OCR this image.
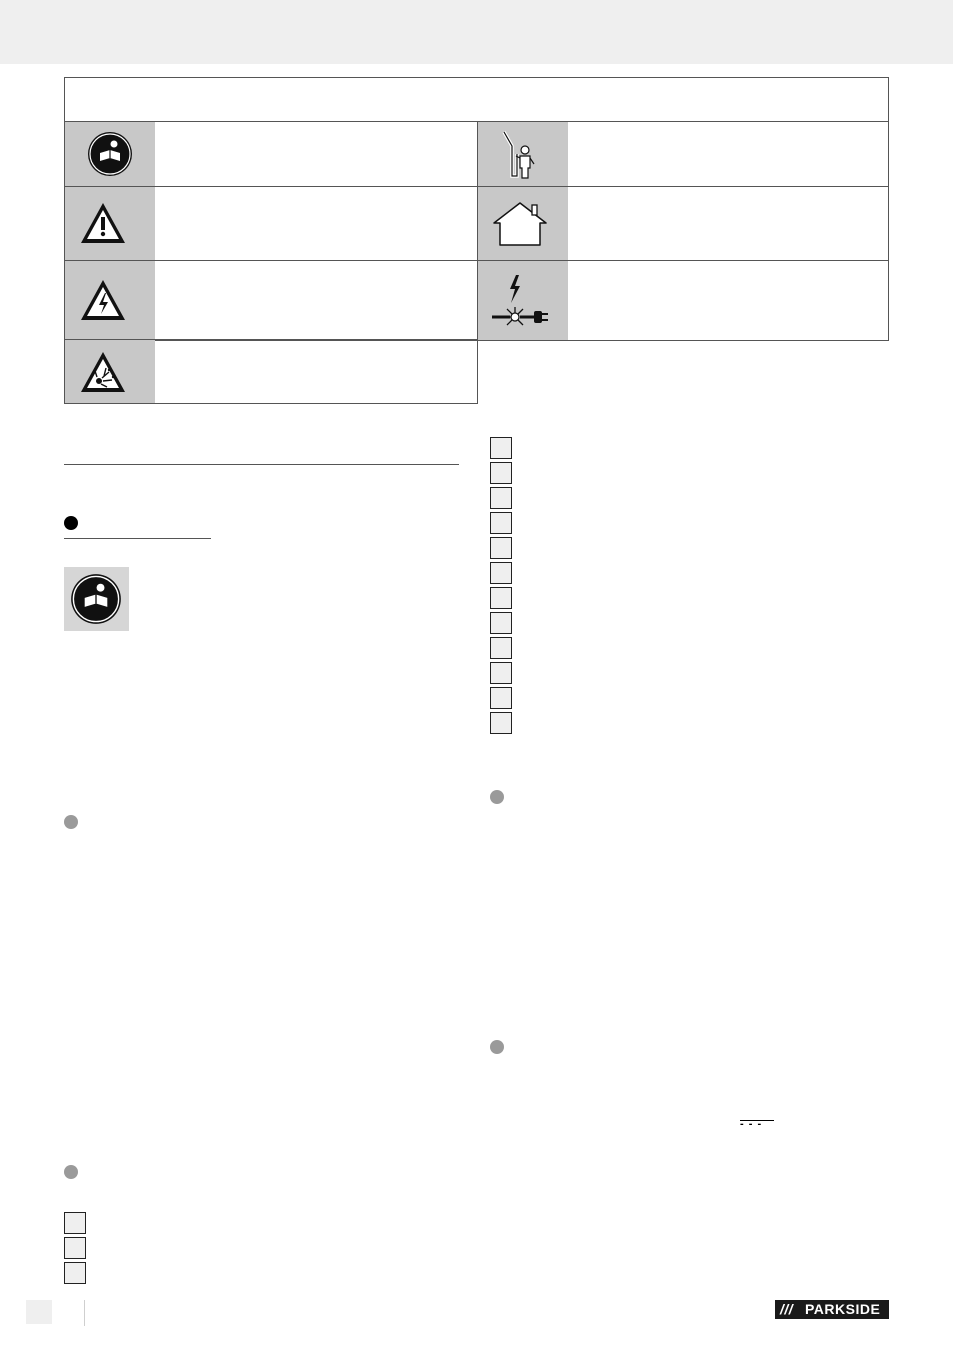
- - -
/// PARKSIDE
